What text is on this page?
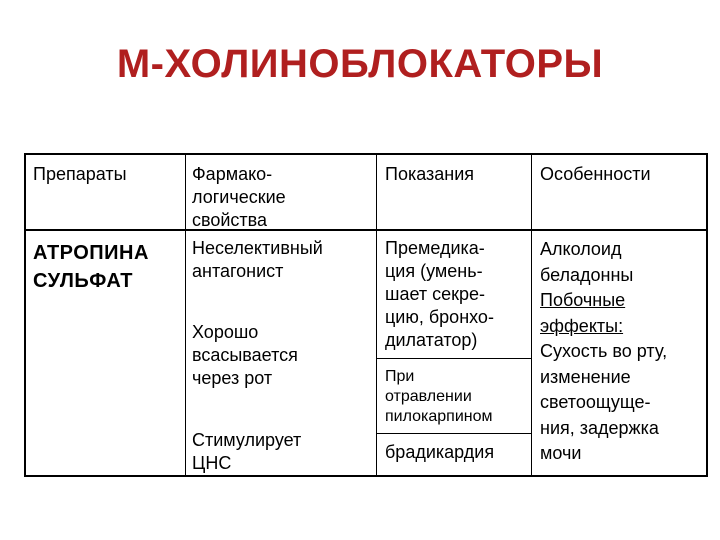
М-ХОЛИНОБЛОКАТОРЫ
Препараты	Фармако-
логические
свойства
Показания	Особенности
АТРОПИНА
СУЛЬФАТ
Неселективный
антагонист
Хорошо
всасывается
через рот
Стимулирует
ЦНС
Премедика-
ция (умень-
шает секре-
цию, бронхо-
дилататор)
При
отравлении
пилокарпином
брадикардия
Алколоид
беладонны
Побочные
эффекты:
Сухость во рту,
изменение
светоощуще-
ния, задержка
мочи
